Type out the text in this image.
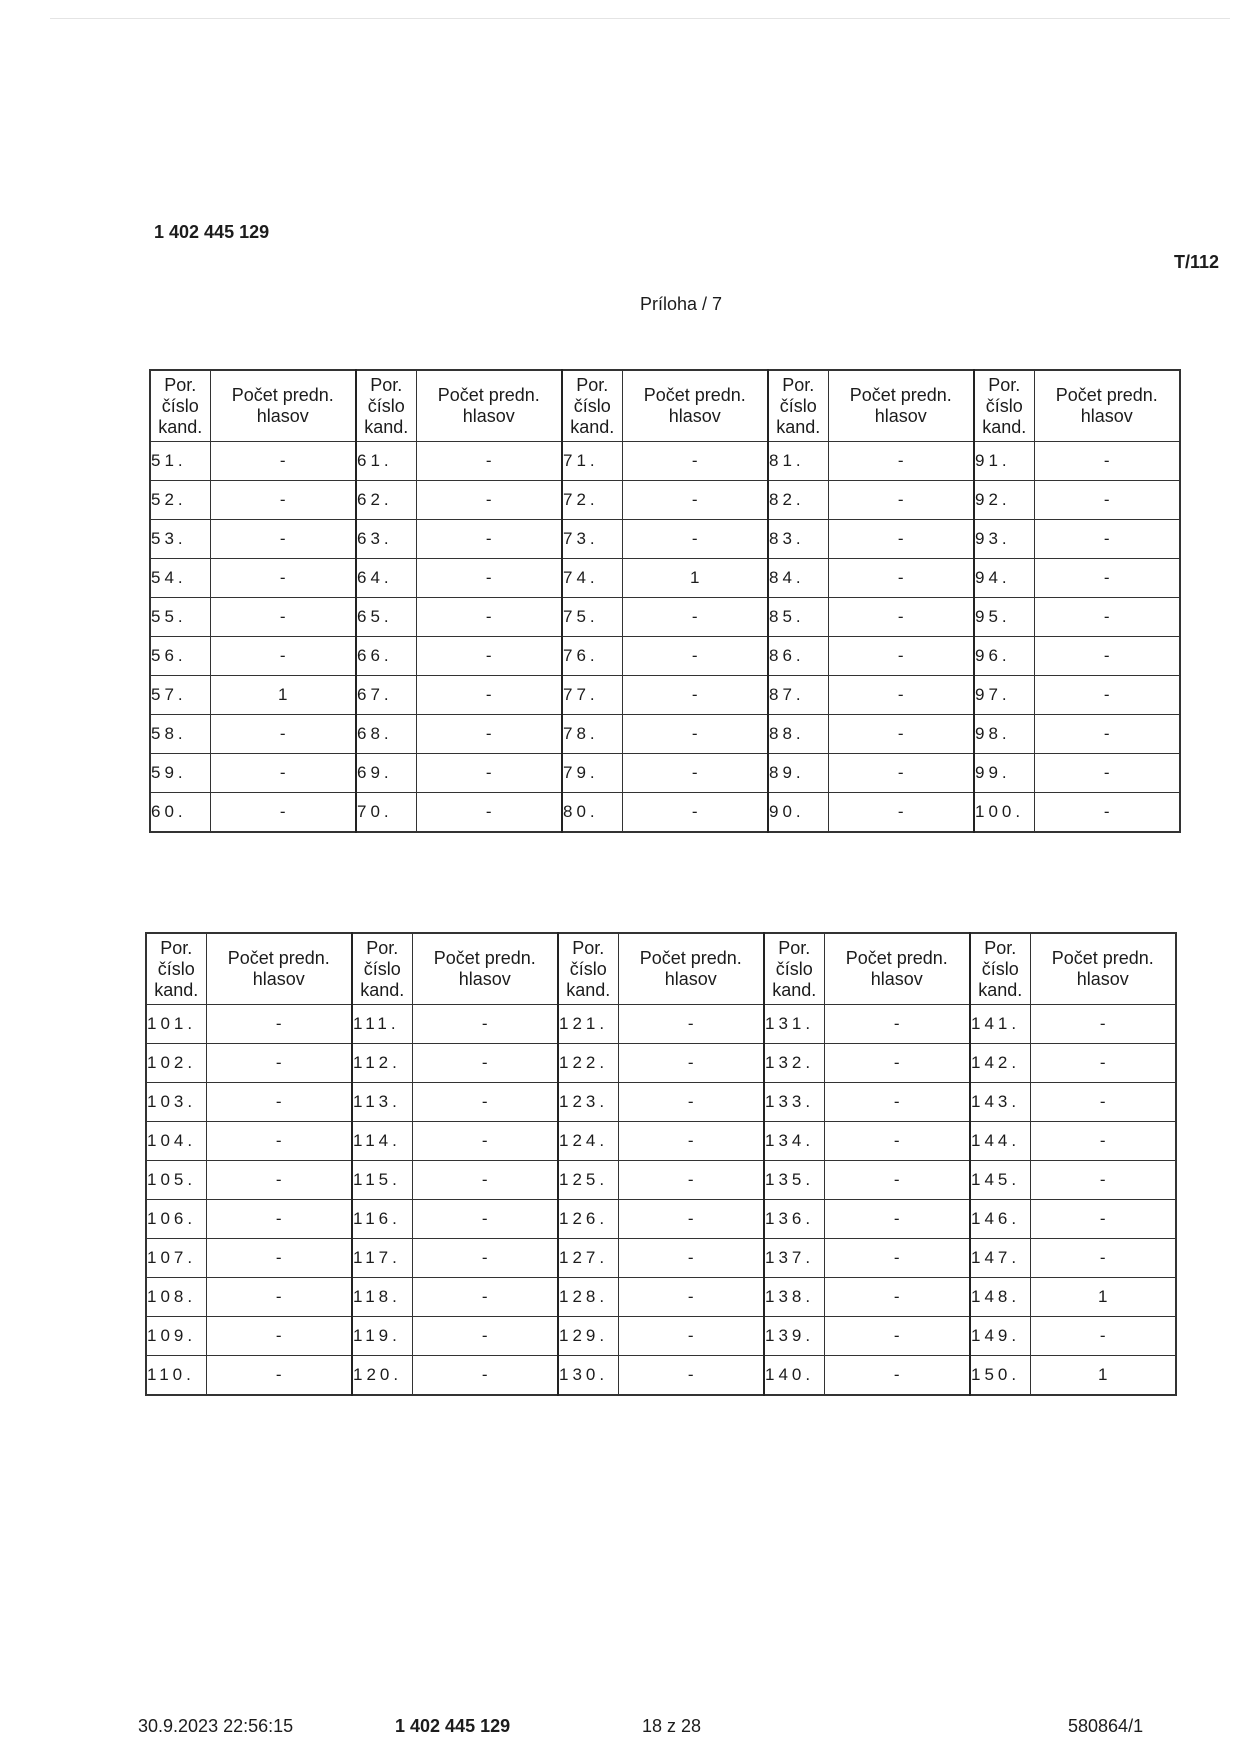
1 402 445 129
T/112
Príloha / 7
Por. číslo kand.	Počet predn. hlasov	Por. číslo kand.	Počet predn. hlasov	Por. číslo kand.	Počet predn. hlasov	Por. číslo kand.	Počet predn. hlasov	Por. číslo kand.	Počet predn. hlasov
51.	-	61.	-	71.	-	81.	-	91.	-
52.	-	62.	-	72.	-	82.	-	92.	-
53.	-	63.	-	73.	-	83.	-	93.	-
54.	-	64.	-	74.	1	84.	-	94.	-
55.	-	65.	-	75.	-	85.	-	95.	-
56.	-	66.	-	76.	-	86.	-	96.	-
57.	1	67.	-	77.	-	87.	-	97.	-
58.	-	68.	-	78.	-	88.	-	98.	-
59.	-	69.	-	79.	-	89.	-	99.	-
60.	-	70.	-	80.	-	90.	-	100.	-
Por. číslo kand.	Počet predn. hlasov	Por. číslo kand.	Počet predn. hlasov	Por. číslo kand.	Počet predn. hlasov	Por. číslo kand.	Počet predn. hlasov	Por. číslo kand.	Počet predn. hlasov
101.	-	111.	-	121.	-	131.	-	141.	-
102.	-	112.	-	122.	-	132.	-	142.	-
103.	-	113.	-	123.	-	133.	-	143.	-
104.	-	114.	-	124.	-	134.	-	144.	-
105.	-	115.	-	125.	-	135.	-	145.	-
106.	-	116.	-	126.	-	136.	-	146.	-
107.	-	117.	-	127.	-	137.	-	147.	-
108.	-	118.	-	128.	-	138.	-	148.	1
109.	-	119.	-	129.	-	139.	-	149.	-
110.	-	120.	-	130.	-	140.	-	150.	1
30.9.2023 22:56:15	1 402 445 129	18 z 28	580864/1
